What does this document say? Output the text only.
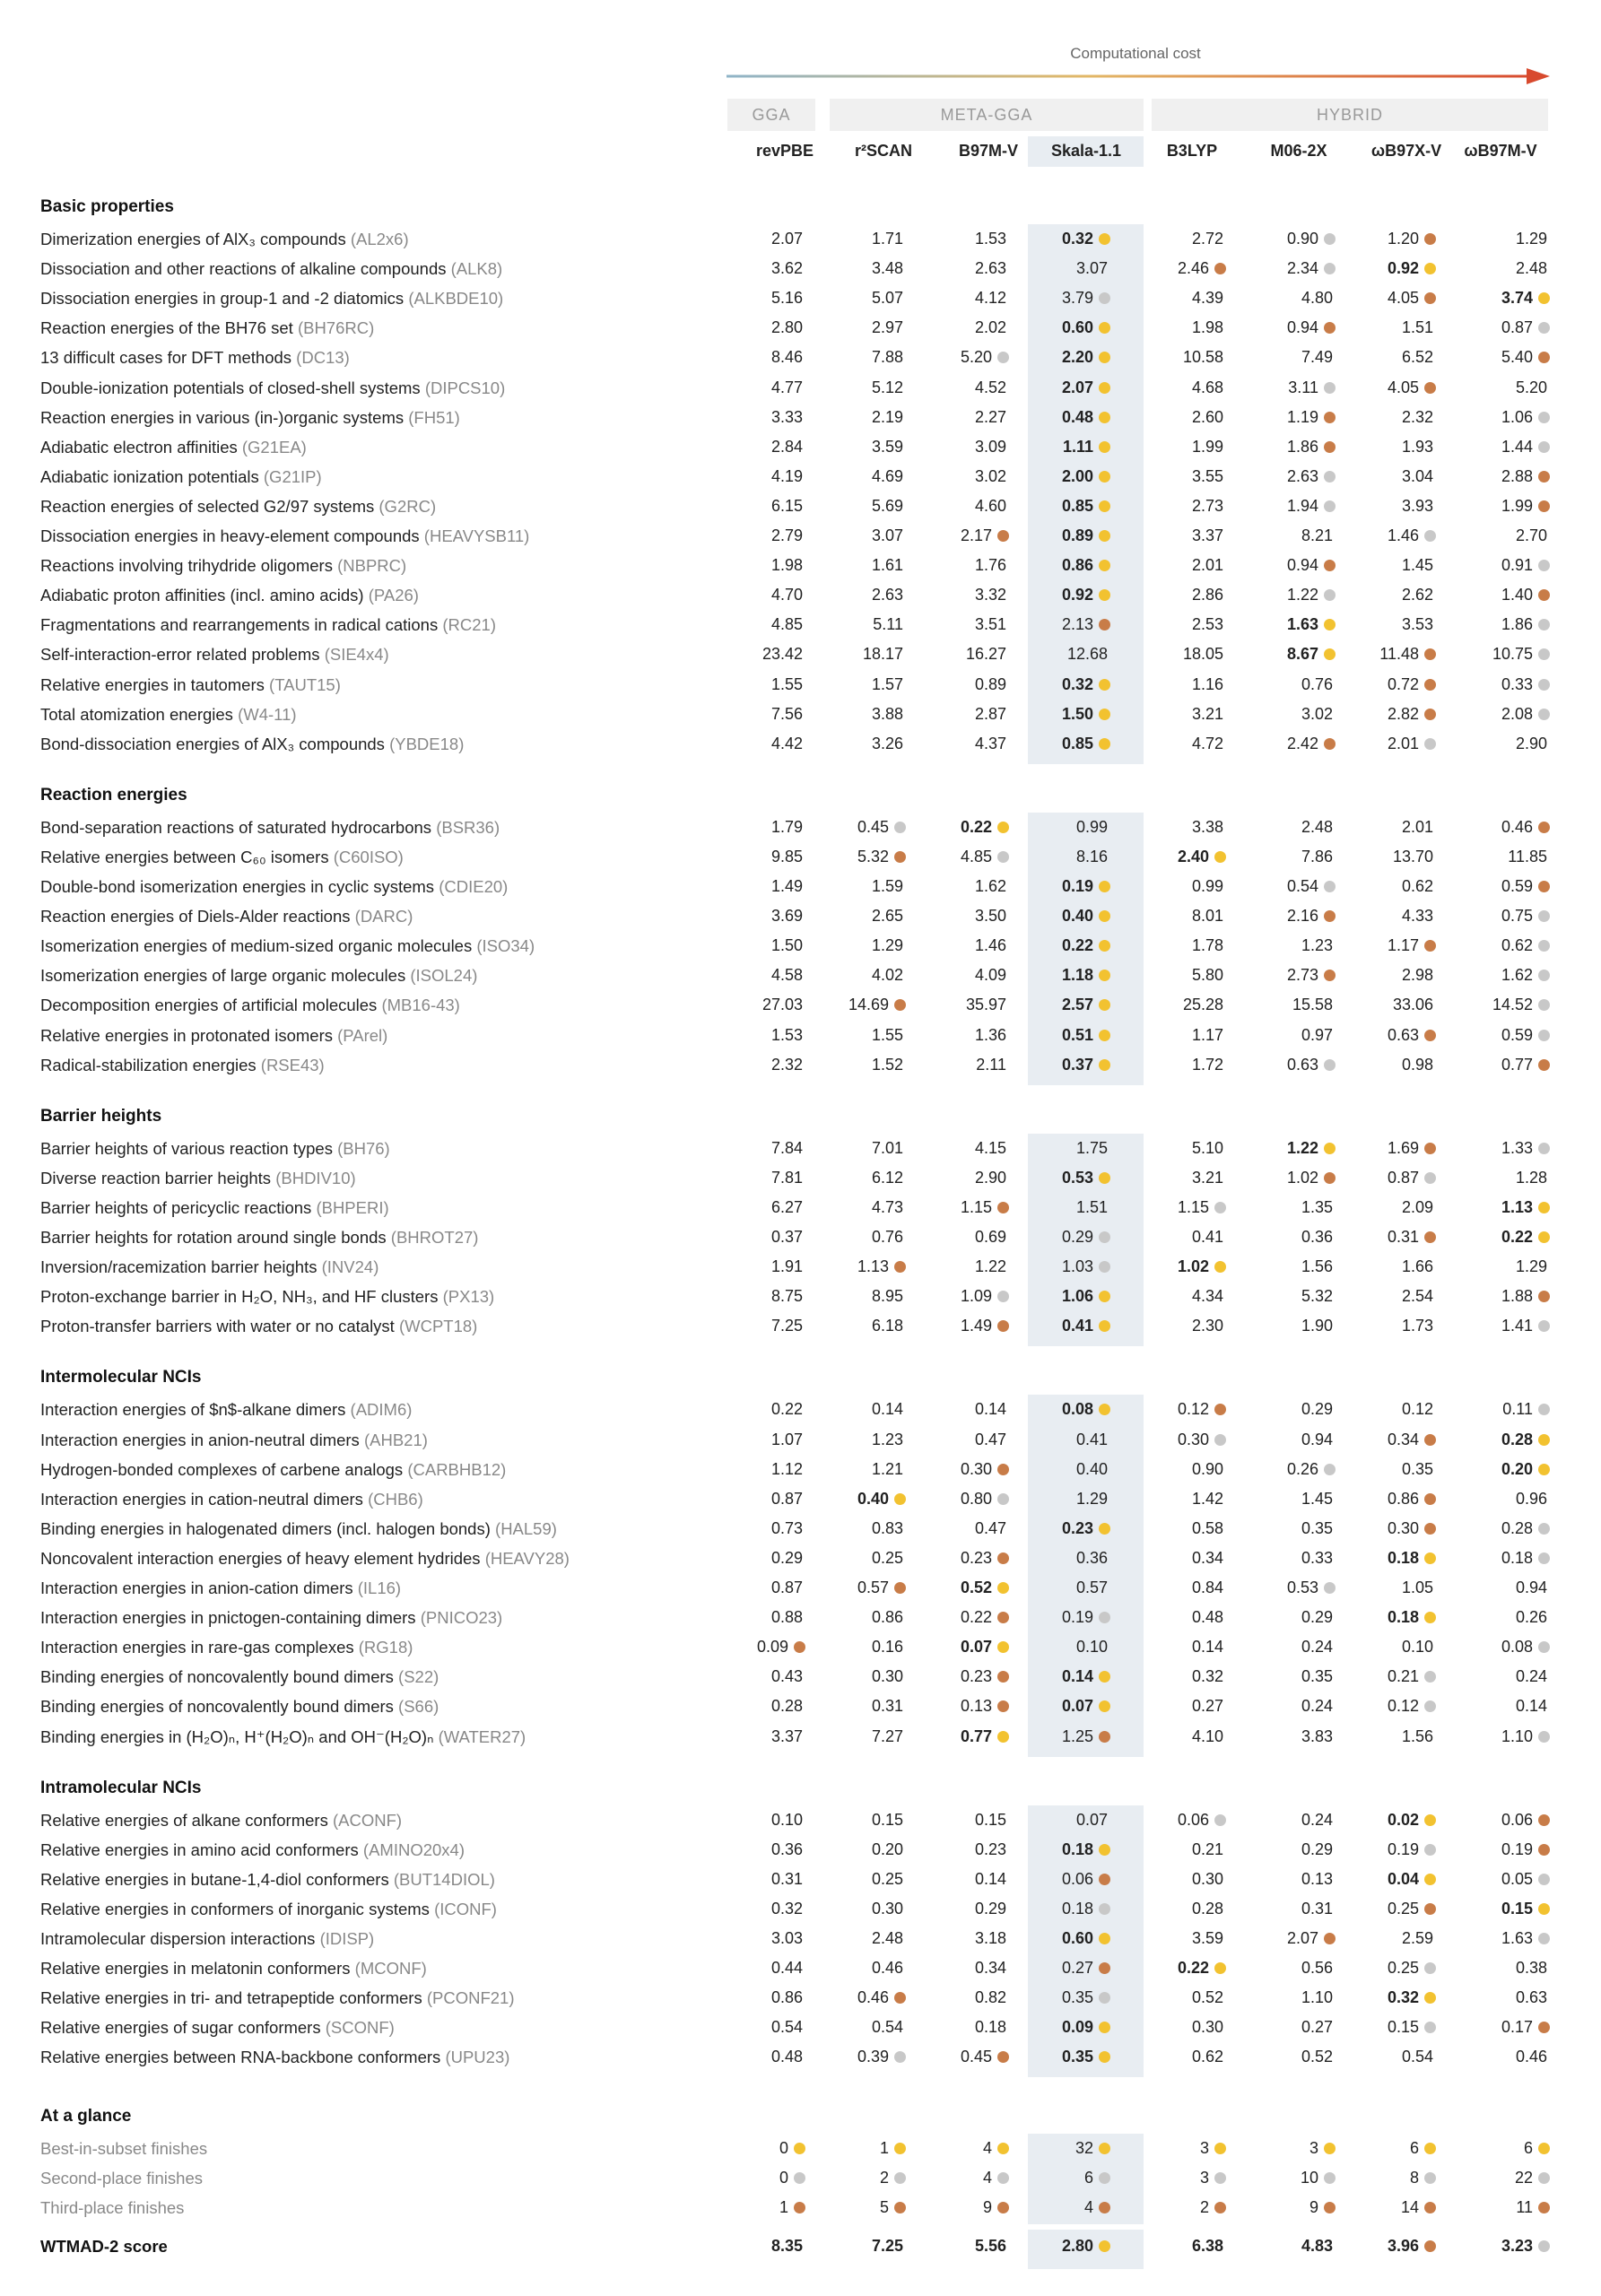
Computational cost
GGA	META-GGA	HYBRID
revPBE	r²SCAN	B97M-V	Skala-1.1	B3LYP	M06-2X	ωB97X-V	ωB97M-V
Basic properties
Dimerization energies of AlX₃ compounds (AL2x6)	2.07	1.71	1.53	0.32	2.72	0.90	1.20	1.29
Dissociation and other reactions of alkaline compounds (ALK8)	3.62	3.48	2.63	3.07	2.46	2.34	0.92	2.48
Dissociation energies in group-1 and -2 diatomics (ALKBDE10)	5.16	5.07	4.12	3.79	4.39	4.80	4.05	3.74
Reaction energies of the BH76 set (BH76RC)	2.80	2.97	2.02	0.60	1.98	0.94	1.51	0.87
13 difficult cases for DFT methods (DC13)	8.46	7.88	5.20	2.20	10.58	7.49	6.52	5.40
Double-ionization potentials of closed-shell systems (DIPCS10)	4.77	5.12	4.52	2.07	4.68	3.11	4.05	5.20
Reaction energies in various (in-)organic systems (FH51)	3.33	2.19	2.27	0.48	2.60	1.19	2.32	1.06
Adiabatic electron affinities (G21EA)	2.84	3.59	3.09	1.11	1.99	1.86	1.93	1.44
Adiabatic ionization potentials (G21IP)	4.19	4.69	3.02	2.00	3.55	2.63	3.04	2.88
Reaction energies of selected G2/97 systems (G2RC)	6.15	5.69	4.60	0.85	2.73	1.94	3.93	1.99
Dissociation energies in heavy-element compounds (HEAVYSB11)	2.79	3.07	2.17	0.89	3.37	8.21	1.46	2.70
Reactions involving trihydride oligomers (NBPRC)	1.98	1.61	1.76	0.86	2.01	0.94	1.45	0.91
Adiabatic proton affinities (incl. amino acids) (PA26)	4.70	2.63	3.32	0.92	2.86	1.22	2.62	1.40
Fragmentations and rearrangements in radical cations (RC21)	4.85	5.11	3.51	2.13	2.53	1.63	3.53	1.86
Self-interaction-error related problems (SIE4x4)	23.42	18.17	16.27	12.68	18.05	8.67	11.48	10.75
Relative energies in tautomers (TAUT15)	1.55	1.57	0.89	0.32	1.16	0.76	0.72	0.33
Total atomization energies (W4-11)	7.56	3.88	2.87	1.50	3.21	3.02	2.82	2.08
Bond-dissociation energies of AlX₃ compounds (YBDE18)	4.42	3.26	4.37	0.85	4.72	2.42	2.01	2.90
Reaction energies
Bond-separation reactions of saturated hydrocarbons (BSR36)	1.79	0.45	0.22	0.99	3.38	2.48	2.01	0.46
Relative energies between C₆₀ isomers (C60ISO)	9.85	5.32	4.85	8.16	2.40	7.86	13.70	11.85
Double-bond isomerization energies in cyclic systems (CDIE20)	1.49	1.59	1.62	0.19	0.99	0.54	0.62	0.59
Reaction energies of Diels-Alder reactions (DARC)	3.69	2.65	3.50	0.40	8.01	2.16	4.33	0.75
Isomerization energies of medium-sized organic molecules (ISO34)	1.50	1.29	1.46	0.22	1.78	1.23	1.17	0.62
Isomerization energies of large organic molecules (ISOL24)	4.58	4.02	4.09	1.18	5.80	2.73	2.98	1.62
Decomposition energies of artificial molecules (MB16-43)	27.03	14.69	35.97	2.57	25.28	15.58	33.06	14.52
Relative energies in protonated isomers (PArel)	1.53	1.55	1.36	0.51	1.17	0.97	0.63	0.59
Radical-stabilization energies (RSE43)	2.32	1.52	2.11	0.37	1.72	0.63	0.98	0.77
Barrier heights
Barrier heights of various reaction types (BH76)	7.84	7.01	4.15	1.75	5.10	1.22	1.69	1.33
Diverse reaction barrier heights (BHDIV10)	7.81	6.12	2.90	0.53	3.21	1.02	0.87	1.28
Barrier heights of pericyclic reactions (BHPERI)	6.27	4.73	1.15	1.51	1.15	1.35	2.09	1.13
Barrier heights for rotation around single bonds (BHROT27)	0.37	0.76	0.69	0.29	0.41	0.36	0.31	0.22
Inversion/racemization barrier heights (INV24)	1.91	1.13	1.22	1.03	1.02	1.56	1.66	1.29
Proton-exchange barrier in H₂O, NH₃, and HF clusters (PX13)	8.75	8.95	1.09	1.06	4.34	5.32	2.54	1.88
Proton-transfer barriers with water or no catalyst (WCPT18)	7.25	6.18	1.49	0.41	2.30	1.90	1.73	1.41
Intermolecular NCIs
Interaction energies of $n$-alkane dimers (ADIM6)	0.22	0.14	0.14	0.08	0.12	0.29	0.12	0.11
Interaction energies in anion-neutral dimers (AHB21)	1.07	1.23	0.47	0.41	0.30	0.94	0.34	0.28
Hydrogen-bonded complexes of carbene analogs (CARBHB12)	1.12	1.21	0.30	0.40	0.90	0.26	0.35	0.20
Interaction energies in cation-neutral dimers (CHB6)	0.87	0.40	0.80	1.29	1.42	1.45	0.86	0.96
Binding energies in halogenated dimers (incl. halogen bonds) (HAL59)	0.73	0.83	0.47	0.23	0.58	0.35	0.30	0.28
Noncovalent interaction energies of heavy element hydrides (HEAVY28)	0.29	0.25	0.23	0.36	0.34	0.33	0.18	0.18
Interaction energies in anion-cation dimers (IL16)	0.87	0.57	0.52	0.57	0.84	0.53	1.05	0.94
Interaction energies in pnictogen-containing dimers (PNICO23)	0.88	0.86	0.22	0.19	0.48	0.29	0.18	0.26
Interaction energies in rare-gas complexes (RG18)	0.09	0.16	0.07	0.10	0.14	0.24	0.10	0.08
Binding energies of noncovalently bound dimers (S22)	0.43	0.30	0.23	0.14	0.32	0.35	0.21	0.24
Binding energies of noncovalently bound dimers (S66)	0.28	0.31	0.13	0.07	0.27	0.24	0.12	0.14
Binding energies in (H₂O)ₙ, H⁺(H₂O)ₙ and OH⁻(H₂O)ₙ (WATER27)	3.37	7.27	0.77	1.25	4.10	3.83	1.56	1.10
Intramolecular NCIs
Relative energies of alkane conformers (ACONF)	0.10	0.15	0.15	0.07	0.06	0.24	0.02	0.06
Relative energies in amino acid conformers (AMINO20x4)	0.36	0.20	0.23	0.18	0.21	0.29	0.19	0.19
Relative energies in butane-1,4-diol conformers (BUT14DIOL)	0.31	0.25	0.14	0.06	0.30	0.13	0.04	0.05
Relative energies in conformers of inorganic systems (ICONF)	0.32	0.30	0.29	0.18	0.28	0.31	0.25	0.15
Intramolecular dispersion interactions (IDISP)	3.03	2.48	3.18	0.60	3.59	2.07	2.59	1.63
Relative energies in melatonin conformers (MCONF)	0.44	0.46	0.34	0.27	0.22	0.56	0.25	0.38
Relative energies in tri- and tetrapeptide conformers (PCONF21)	0.86	0.46	0.82	0.35	0.52	1.10	0.32	0.63
Relative energies of sugar conformers (SCONF)	0.54	0.54	0.18	0.09	0.30	0.27	0.15	0.17
Relative energies between RNA-backbone conformers (UPU23)	0.48	0.39	0.45	0.35	0.62	0.52	0.54	0.46
At a glance
Best-in-subset finishes	0	1	4	32	3	3	6	6
Second-place finishes	0	2	4	6	3	10	8	22
Third-place finishes	1	5	9	4	2	9	14	11
WTMAD-2 score	8.35	7.25	5.56	2.80	6.38	4.83	3.96	3.23
